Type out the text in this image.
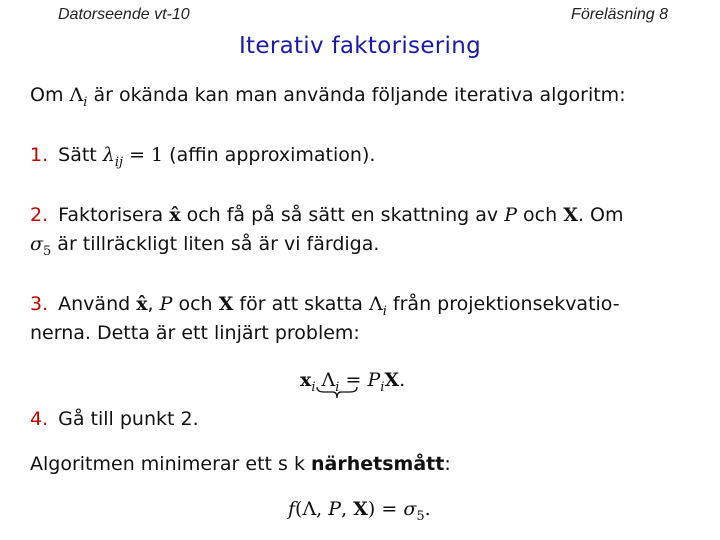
Datorseende vt-10	Föreläsning 8
Iterativ faktorisering
Om $\Lambda_i$ är okända kan man använda följande iterativa algoritm:
1. Sätt $\lambda_{ij} = 1$ (affin approximation).
2. Faktorisera x̂ och få på så sätt en skattning av P och X. Om
$\sigma_5$ är tillräckligt liten så är vi färdiga.
3. Använd x̂, P och X för att skatta $\Lambda_i$ från projektionsekvatio-
nerna. Detta är ett linjärt problem:
$x_i$ $\Lambda_i = P_iX$.
4. Gå till punkt 2.
Algoritmen minimerar ett s k närhetsmått:
f(Λ, P, $X) = \sigma_5$.
